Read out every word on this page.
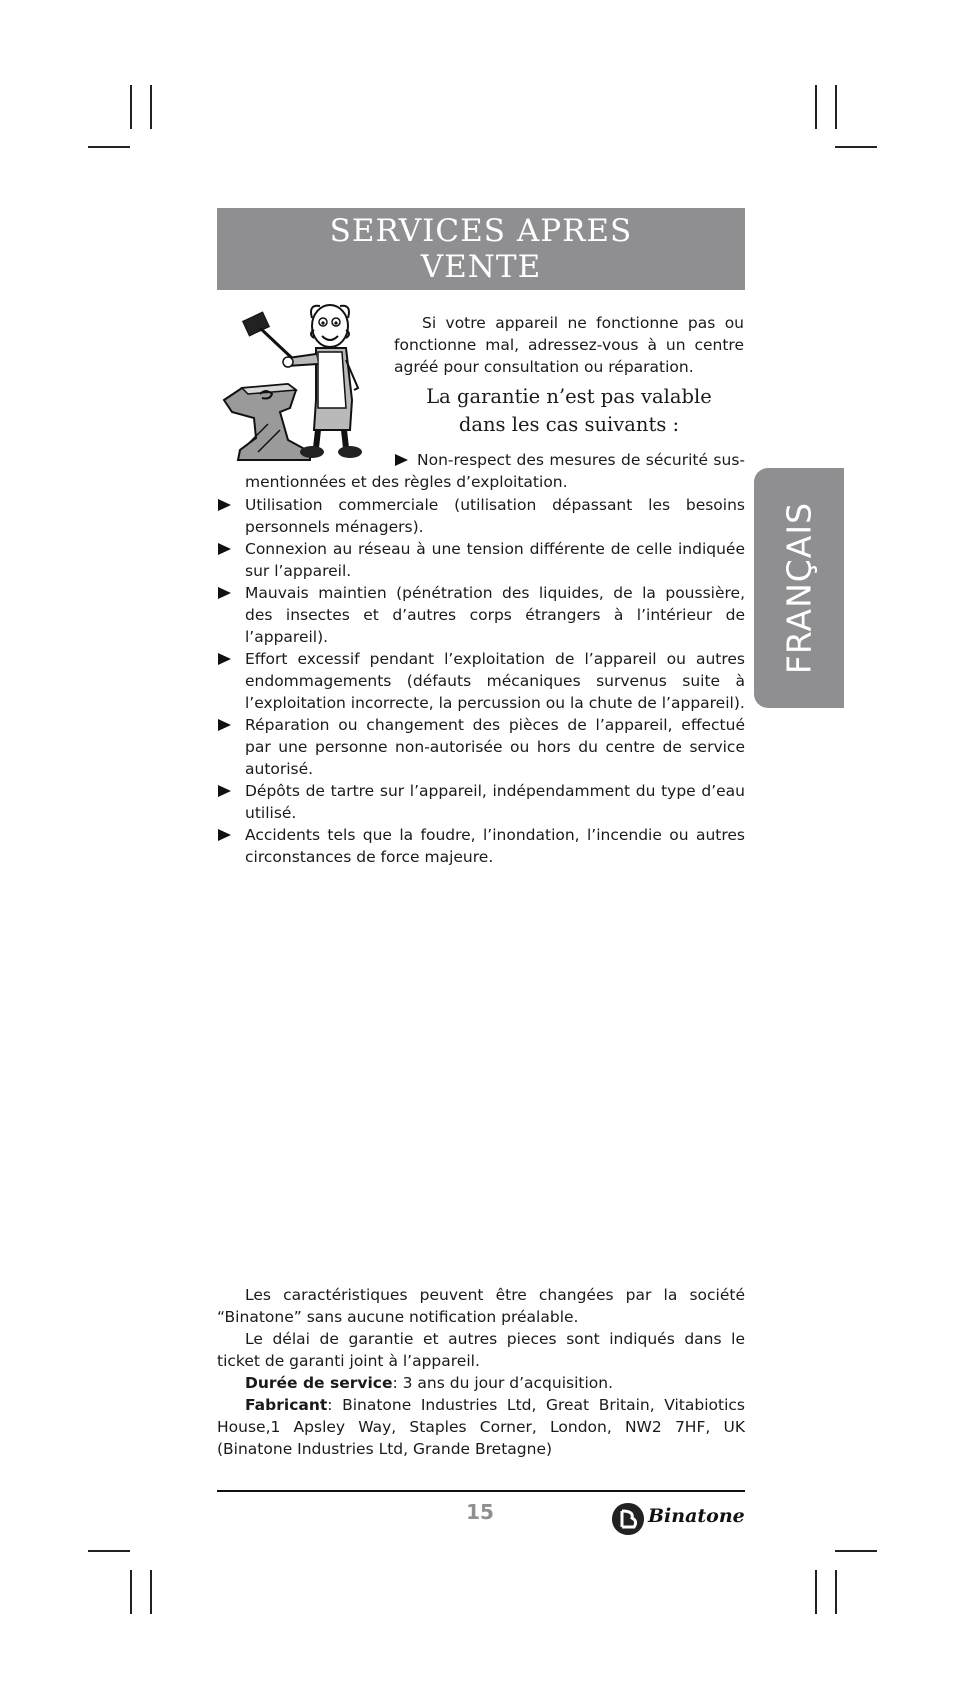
SERVICES APRES
VENTE
Si votre appareil ne fonctionne pas ou fonctionne mal, adressez-vous à un centre agréé pour consultation ou réparation.
La garantie n’est pas valable
dans les cas suivants :
Non-respect des mesures de sécurité sus-mentionnées et des règles d’exploitation.
Utilisation commerciale (utilisation dépassant les besoins personnels ménagers).
Connexion au réseau à une tension différente de celle indiquée sur l’appareil.
Mauvais maintien (pénétration des liquides, de la poussière, des insectes et d’autres corps étrangers à l’intérieur de l’appareil).
Effort excessif pendant l’exploitation de l’appareil ou autres endommagements (défauts mécaniques survenus suite à l’exploitation incorrecte, la percussion ou la chute de l’appareil).
Réparation ou changement des pièces de l’appareil, effectué par une personne non-autorisée ou hors du centre de service autorisé.
Dépôts de tartre sur l’appareil, indépendamment du type d’eau utilisé.
Accidents tels que la foudre, l’inondation, l’incendie ou autres circonstances de force majeure.
FRANÇAIS

Les caractéristiques peuvent être changées par la société “Binatone” sans aucune notification préalable.

Le délai de garantie et autres pieces sont indiqués dans le ticket de garanti joint à l’appareil.

Durée de service: 3 ans du jour d’acquisition.

Fabricant: Binatone Industries Ltd, Great Britain, Vitabiotics House,1 Apsley Way, Staples Corner, London, NW2 7HF, UK (Binatone Industries Ltd, Grande Bretagne)

15	Binatone
